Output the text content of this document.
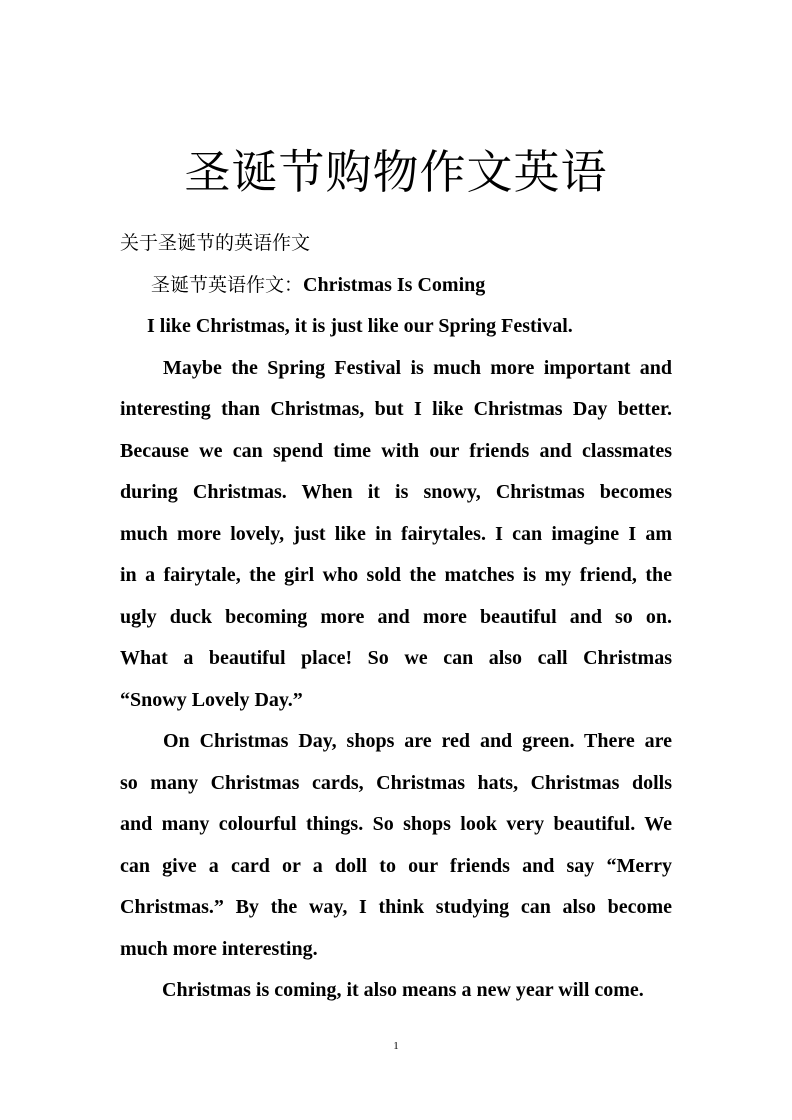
圣诞节购物作文英语
关于圣诞节的英语作文
圣诞节英语作文：Christmas Is Coming
I like Christmas, it is just like our Spring Festival.
Maybe the Spring Festival is much more important and
interesting than Christmas, but I like Christmas Day better.
Because we can spend time with our friends and classmates
during Christmas. When it is snowy, Christmas becomes
much more lovely, just like in fairytales. I can imagine I am
in a fairytale, the girl who sold the matches is my friend, the
ugly duck becoming more and more beautiful and so on.
What a beautiful place! So we can also call Christmas
“Snowy Lovely Day.”
On Christmas Day, shops are red and green. There are
so many Christmas cards, Christmas hats, Christmas dolls
and many colourful things. So shops look very beautiful. We
can give a card or a doll to our friends and say “Merry
Christmas.” By the way, I think studying can also become
much more interesting.
Christmas is coming, it also means a new year will come.
1
